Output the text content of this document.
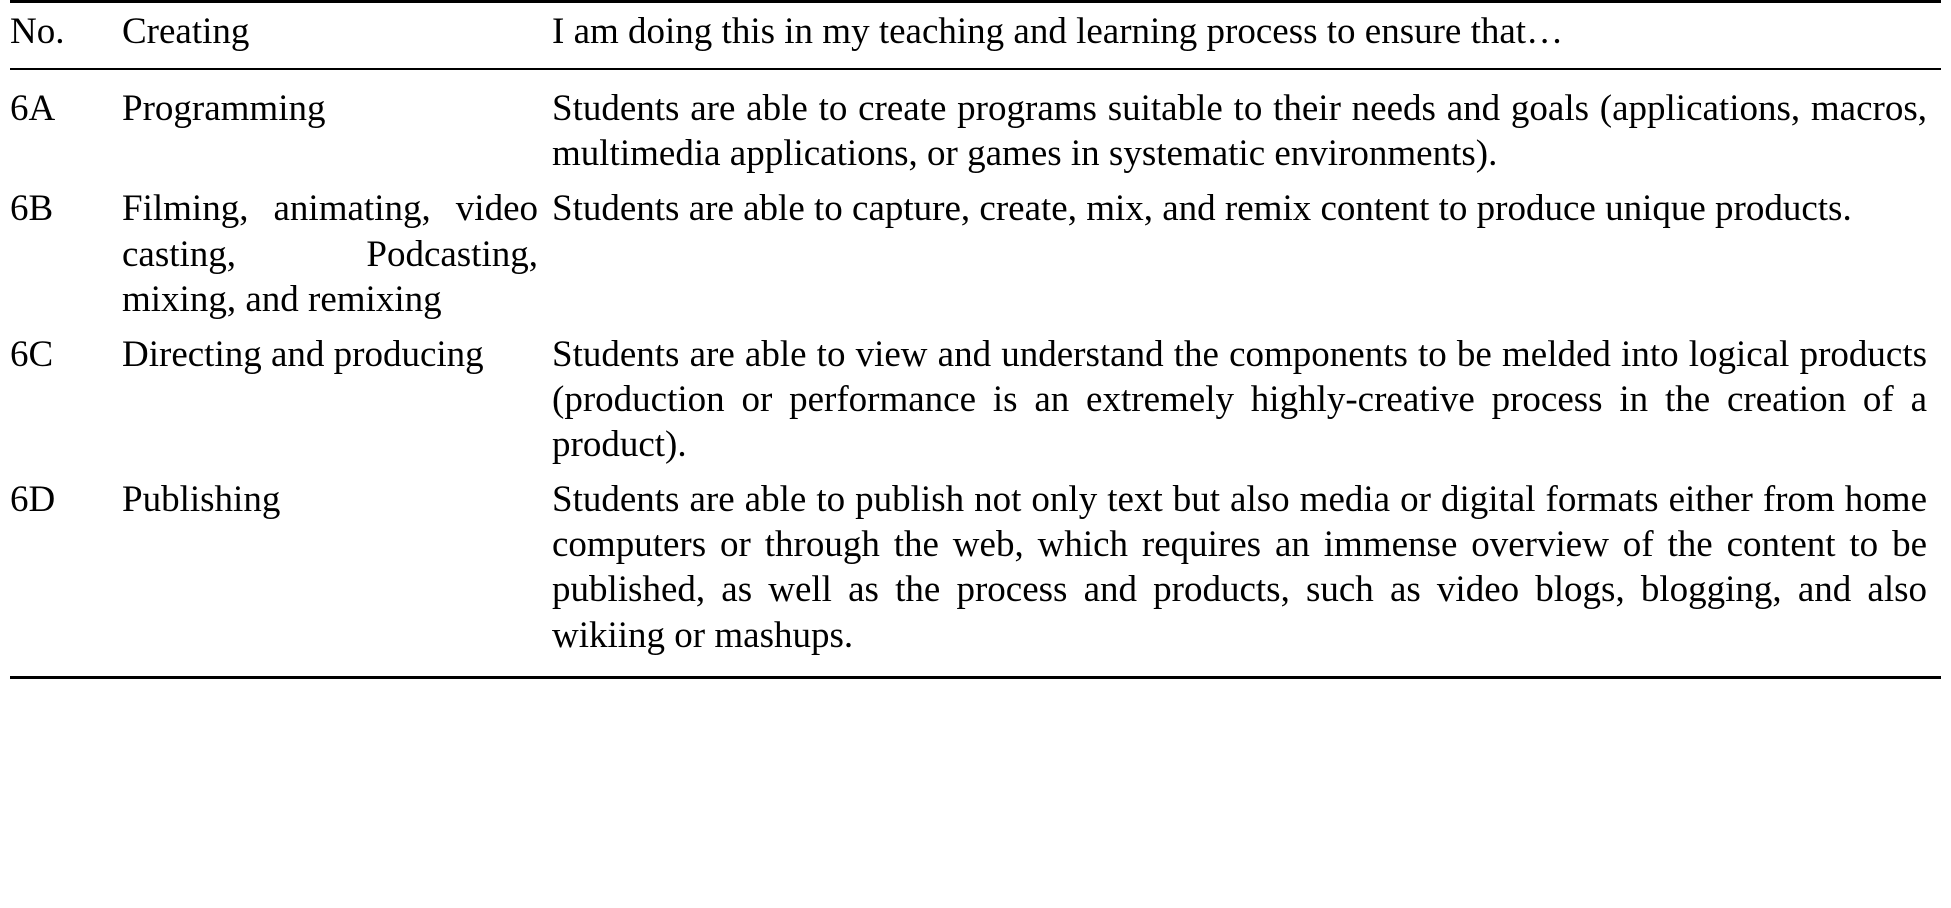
No.	Creating	I am doing this in my teaching and learning process to ensure that…
6A	Programming	Students are able to create programs suitable to their needs and goals (applications, macros, multimedia applications, or games in systematic environments).
6B	Filming, animating, video casting, Podcasting, mixing, and remixing	Students are able to capture, create, mix, and remix content to produce unique products.
6C	Directing and producing	Students are able to view and understand the components to be melded into logical products (production or performance is an extremely highly-creative process in the creation of a product).
6D	Publishing	Students are able to publish not only text but also media or digital formats either from home computers or through the web, which requires an immense overview of the content to be published, as well as the process and products, such as video blogs, blogging, and also wikiing or mashups.
